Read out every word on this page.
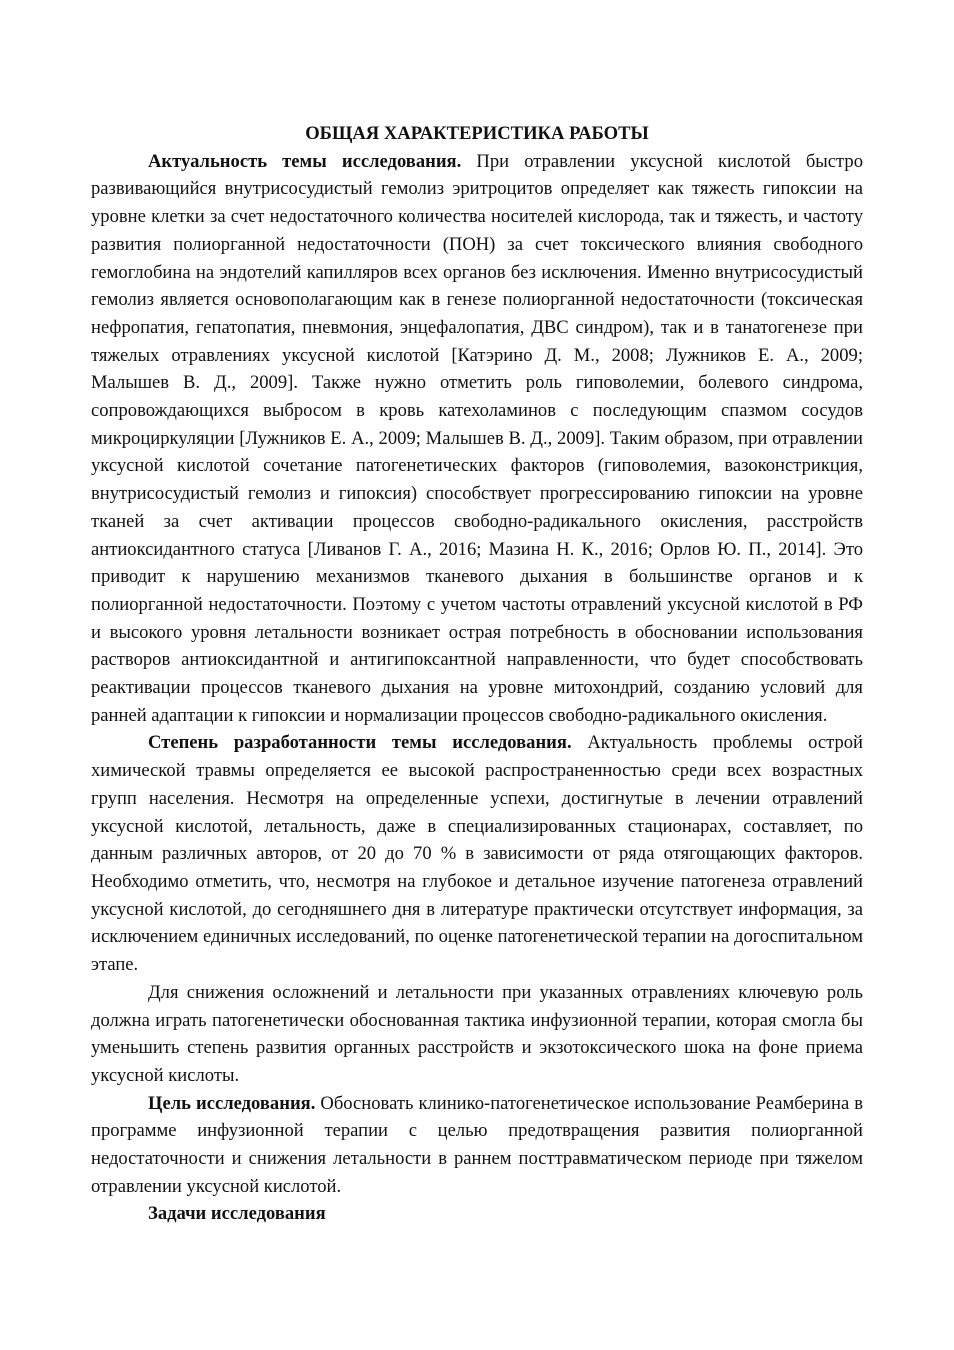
ОБЩАЯ ХАРАКТЕРИСТИКА РАБОТЫ

Актуальность темы исследования. При отравлении уксусной кислотой быстро развивающийся внутрисосудистый гемолиз эритроцитов определяет как тяжесть гипоксии на уровне клетки за счет недостаточного количества носителей кислорода, так и тяжесть, и частоту развития полиорганной недостаточности (ПОН) за счет токсического влияния свободного гемоглобина на эндотелий капилляров всех органов без исключения. Именно внутрисосудистый гемолиз является основополагающим как в генезе полиорганной недостаточности (токсическая нефропатия, гепатопатия, пневмония, энцефалопатия, ДВС синдром), так и в танатогенезе при тяжелых отравлениях уксусной кислотой [Катэрино Д. М., 2008; Лужников Е. А., 2009; Малышев В. Д., 2009]. Также нужно отметить роль гиповолемии, болевого синдрома, сопровождающихся выбросом в кровь катехоламинов с последующим спазмом сосудов микроциркуляции [Лужников Е. А., 2009; Малышев В. Д., 2009]. Таким образом, при отравлении уксусной кислотой сочетание патогенетических факторов (гиповолемия, вазоконстрикция, внутрисосудистый гемолиз и гипоксия) способствует прогрессированию гипоксии на уровне тканей за счет активации процессов свободно-радикального окисления, расстройств антиоксидантного статуса [Ливанов Г. А., 2016; Мазина Н. К., 2016; Орлов Ю. П., 2014]. Это приводит к нарушению механизмов тканевого дыхания в большинстве органов и к полиорганной недостаточности. Поэтому с учетом частоты отравлений уксусной кислотой в РФ и высокого уровня летальности возникает острая потребность в обосновании использования растворов антиоксидантной и антигипоксантной направленности, что будет способствовать реактивации процессов тканевого дыхания на уровне митохондрий, созданию условий для ранней адаптации к гипоксии и нормализации процессов свободно-радикального окисления.

Степень разработанности темы исследования. Актуальность проблемы острой химической травмы определяется ее высокой распространенностью среди всех возрастных групп населения. Несмотря на определенные успехи, достигнутые в лечении отравлений уксусной кислотой, летальность, даже в специализированных стационарах, составляет, по данным различных авторов, от 20 до 70 % в зависимости от ряда отягощающих факторов. Необходимо отметить, что, несмотря на глубокое и детальное изучение патогенеза отравлений уксусной кислотой, до сегодняшнего дня в литературе практически отсутствует информация, за исключением единичных исследований, по оценке патогенетической терапии на догоспитальном этапе.

Для снижения осложнений и летальности при указанных отравлениях ключевую роль должна играть патогенетически обоснованная тактика инфузионной терапии, которая смогла бы уменьшить степень развития органных расстройств и экзотоксического шока на фоне приема уксусной кислоты.

Цель исследования. Обосновать клинико-патогенетическое использование Реамберина в программе инфузионной терапии с целью предотвращения развития полиорганной недостаточности и снижения летальности в раннем посттравматическом периоде при тяжелом отравлении уксусной кислотой.

Задачи исследования
